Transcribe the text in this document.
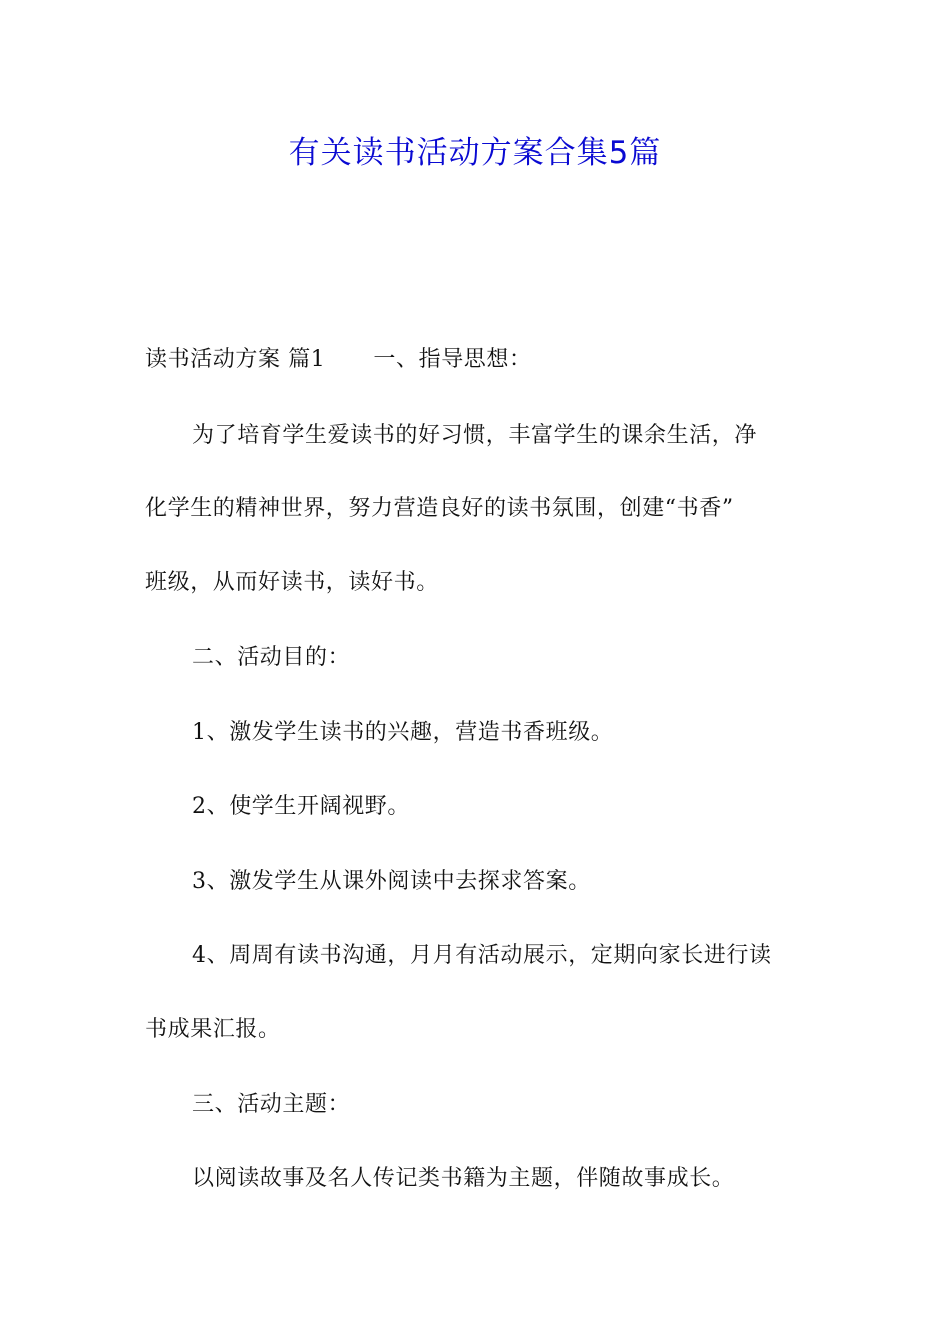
有关读书活动方案合集5篇
读书活动方案 篇1 一、指导思想：
为了培育学生爱读书的好习惯，丰富学生的课余生活，净
化学生的精神世界，努力营造良好的读书氛围，创建“书香”
班级，从而好读书，读好书。
二、活动目的：
1、激发学生读书的兴趣，营造书香班级。
2、使学生开阔视野。
3、激发学生从课外阅读中去探求答案。
4、周周有读书沟通，月月有活动展示，定期向家长进行读
书成果汇报。
三、活动主题：
以阅读故事及名人传记类书籍为主题，伴随故事成长。
